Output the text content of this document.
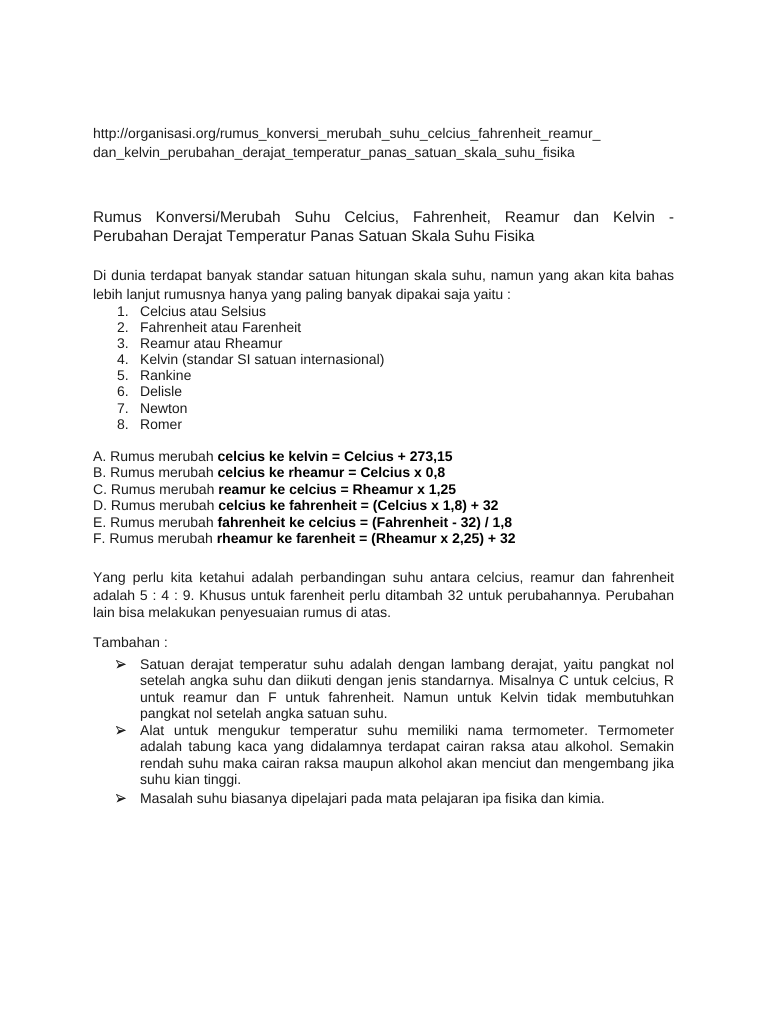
http://organisasi.org/rumus_konversi_merubah_suhu_celcius_fahrenheit_reamur_
dan_kelvin_perubahan_derajat_temperatur_panas_satuan_skala_suhu_fisika
Rumus Konversi/Merubah Suhu Celcius, Fahrenheit, Reamur dan Kelvin -
Perubahan Derajat Temperatur Panas Satuan Skala Suhu Fisika
Di dunia terdapat banyak standar satuan hitungan skala suhu, namun yang akan kita bahas
lebih lanjut rumusnya hanya yang paling banyak dipakai saja yaitu :
1. Celcius atau Selsius
2. Fahrenheit atau Farenheit
3. Reamur atau Rheamur
4. Kelvin (standar SI satuan internasional)
5. Rankine
6. Delisle
7. Newton
8. Romer
A. Rumus merubah celcius ke kelvin = Celcius + 273,15
B. Rumus merubah celcius ke rheamur = Celcius x 0,8
C. Rumus merubah reamur ke celcius = Rheamur x 1,25
D. Rumus merubah celcius ke fahrenheit = (Celcius x 1,8) + 32
E. Rumus merubah fahrenheit ke celcius = (Fahrenheit - 32) / 1,8
F. Rumus merubah rheamur ke farenheit = (Rheamur x 2,25) + 32
Yang perlu kita ketahui adalah perbandingan suhu antara celcius, reamur dan fahrenheit
adalah 5 : 4 : 9. Khusus untuk farenheit perlu ditambah 32 untuk perubahannya. Perubahan
lain bisa melakukan penyesuaian rumus di atas.
Tambahan :
Satuan derajat temperatur suhu adalah dengan lambang derajat, yaitu pangkat nol
setelah angka suhu dan diikuti dengan jenis standarnya. Misalnya C untuk celcius, R
untuk reamur dan F untuk fahrenheit. Namun untuk Kelvin tidak membutuhkan
pangkat nol setelah angka satuan suhu.
Alat untuk mengukur temperatur suhu memiliki nama termometer. Termometer
adalah tabung kaca yang didalamnya terdapat cairan raksa atau alkohol. Semakin
rendah suhu maka cairan raksa maupun alkohol akan menciut dan mengembang jika
suhu kian tinggi.
Masalah suhu biasanya dipelajari pada mata pelajaran ipa fisika dan kimia.
